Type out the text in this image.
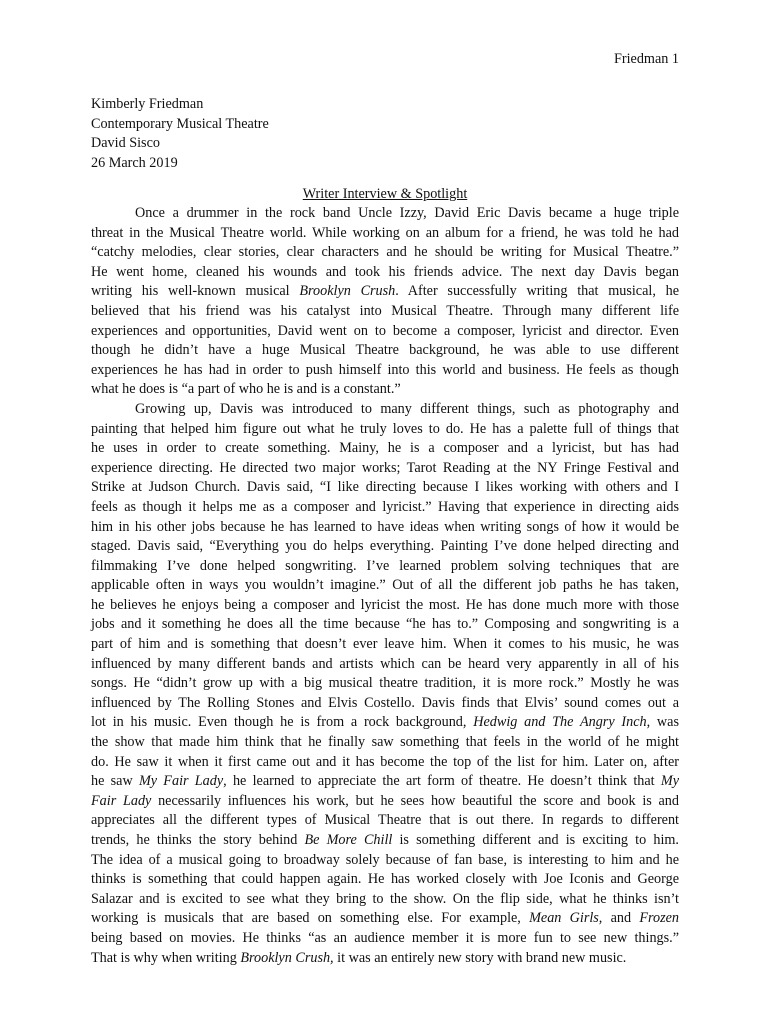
Friedman 1
Kimberly Friedman
Contemporary Musical Theatre
David Sisco
26 March 2019
Writer Interview & Spotlight
Once a drummer in the rock band Uncle Izzy, David Eric Davis became a huge triple
threat in the Musical Theatre world. While working on an album for a friend, he was told he had
“catchy melodies, clear stories, clear characters and he should be writing for Musical Theatre.”
He went home, cleaned his wounds and took his friends advice. The next day Davis began
writing his well-known musical Brooklyn Crush. After successfully writing that musical, he
believed that his friend was his catalyst into Musical Theatre. Through many different life
experiences and opportunities, David went on to become a composer, lyricist and director. Even
though he didn’t have a huge Musical Theatre background, he was able to use different
experiences he has had in order to push himself into this world and business. He feels as though
what he does is “a part of who he is and is a constant.”
Growing up, Davis was introduced to many different things, such as photography and
painting that helped him figure out what he truly loves to do. He has a palette full of things that
he uses in order to create something. Mainy, he is a composer and a lyricist, but has had
experience directing. He directed two major works; Tarot Reading at the NY Fringe Festival and
Strike at Judson Church. Davis said, “I like directing because I likes working with others and I
feels as though it helps me as a composer and lyricist.” Having that experience in directing aids
him in his other jobs because he has learned to have ideas when writing songs of how it would be
staged. Davis said, “Everything you do helps everything. Painting I’ve done helped directing and
filmmaking I’ve done helped songwriting. I’ve learned problem solving techniques that are
applicable often in ways you wouldn’t imagine.” Out of all the different job paths he has taken,
he believes he enjoys being a composer and lyricist the most. He has done much more with those
jobs and it something he does all the time because “he has to.” Composing and songwriting is a
part of him and is something that doesn’t ever leave him. When it comes to his music, he was
influenced by many different bands and artists which can be heard very apparently in all of his
songs. He “didn’t grow up with a big musical theatre tradition, it is more rock.” Mostly he was
influenced by The Rolling Stones and Elvis Costello. Davis finds that Elvis’ sound comes out a
lot in his music. Even though he is from a rock background, Hedwig and The Angry Inch, was
the show that made him think that he finally saw something that feels in the world of he might
do. He saw it when it first came out and it has become the top of the list for him. Later on, after
he saw My Fair Lady, he learned to appreciate the art form of theatre. He doesn’t think that My
Fair Lady necessarily influences his work, but he sees how beautiful the score and book is and
appreciates all the different types of Musical Theatre that is out there. In regards to different
trends, he thinks the story behind Be More Chill is something different and is exciting to him.
The idea of a musical going to broadway solely because of fan base, is interesting to him and he
thinks is something that could happen again. He has worked closely with Joe Iconis and George
Salazar and is excited to see what they bring to the show. On the flip side, what he thinks isn’t
working is musicals that are based on something else. For example, Mean Girls, and Frozen
being based on movies. He thinks “as an audience member it is more fun to see new things.”
That is why when writing Brooklyn Crush, it was an entirely new story with brand new music.
